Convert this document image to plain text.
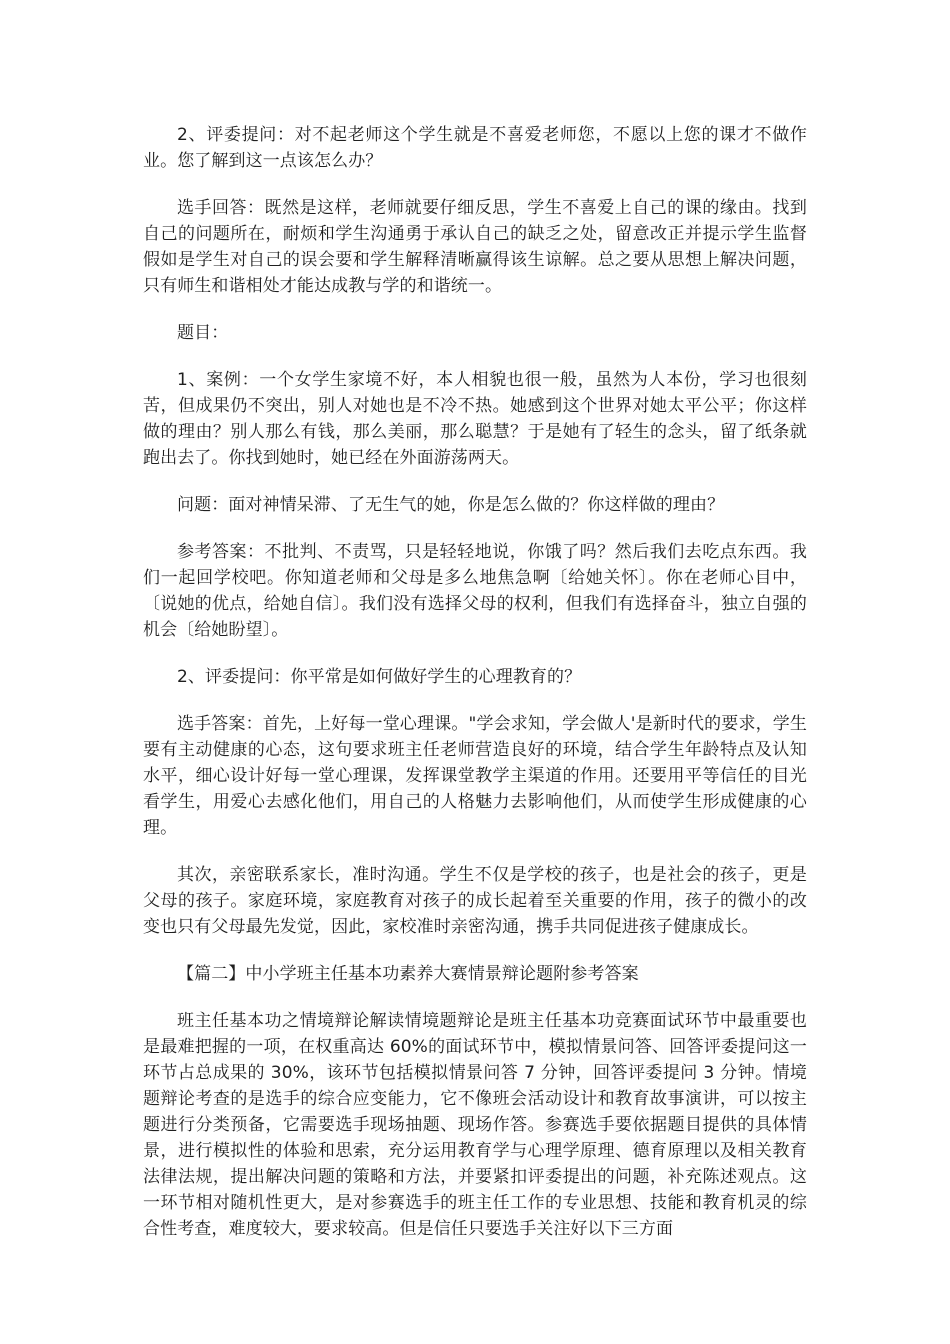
2、评委提问：对不起老师这个学生就是不喜爱老师您，不愿以上您的课才不做作业。您了解到这一点该怎么办？

选手回答：既然是这样，老师就要仔细反思，学生不喜爱上自己的课的缘由。找到自己的问题所在，耐烦和学生沟通勇于承认自己的缺乏之处，留意改正并提示学生监督假如是学生对自己的误会要和学生解释清晰赢得该生谅解。总之要从思想上解决问题，只有师生和谐相处才能达成教与学的和谐统一。

题目：

1、案例：一个女学生家境不好，本人相貌也很一般，虽然为人本份，学习也很刻苦，但成果仍不突出，别人对她也是不冷不热。她感到这个世界对她太平公平；你这样做的理由？别人那么有钱，那么美丽，那么聪慧？于是她有了轻生的念头，留了纸条就跑出去了。你找到她时，她已经在外面游荡两天。

问题：面对神情呆滞、了无生气的她，你是怎么做的？你这样做的理由？

参考答案：不批判、不责骂，只是轻轻地说，你饿了吗？然后我们去吃点东西。我们一起回学校吧。你知道老师和父母是多么地焦急啊〔给她关怀〕。你在老师心目中，〔说她的优点，给她自信〕。我们没有选择父母的权利，但我们有选择奋斗，独立自强的机会〔给她盼望〕。

2、评委提问：你平常是如何做好学生的心理教育的？

选手答案：首先，上好每一堂心理课。"学会求知，学会做人'是新时代的要求，学生要有主动健康的心态，这句要求班主任老师营造良好的环境，结合学生年龄特点及认知水平，细心设计好每一堂心理课，发挥课堂教学主渠道的作用。还要用平等信任的目光看学生，用爱心去感化他们，用自己的人格魅力去影响他们，从而使学生形成健康的心理。

其次，亲密联系家长，准时沟通。学生不仅是学校的孩子，也是社会的孩子，更是父母的孩子。家庭环境，家庭教育对孩子的成长起着至关重要的作用，孩子的微小的改变也只有父母最先发觉，因此，家校准时亲密沟通，携手共同促进孩子健康成长。

【篇二】中小学班主任基本功素养大赛情景辩论题附参考答案

班主任基本功之情境辩论解读情境题辩论是班主任基本功竞赛面试环节中最重要也是最难把握的一项，在权重高达 60%的面试环节中，模拟情景问答、回答评委提问这一环节占总成果的 30%，该环节包括模拟情景问答 7 分钟，回答评委提问 3 分钟。情境题辩论考查的是选手的综合应变能力，它不像班会活动设计和教育故事演讲，可以按主题进行分类预备，它需要选手现场抽题、现场作答。参赛选手要依据题目提供的具体情景，进行模拟性的体验和思索，充分运用教育学与心理学原理、德育原理以及相关教育法律法规，提出解决问题的策略和方法，并要紧扣评委提出的问题，补充陈述观点。这一环节相对随机性更大，是对参赛选手的班主任工作的专业思想、技能和教育机灵的综合性考查，难度较大，要求较高。但是信任只要选手关注好以下三方面
